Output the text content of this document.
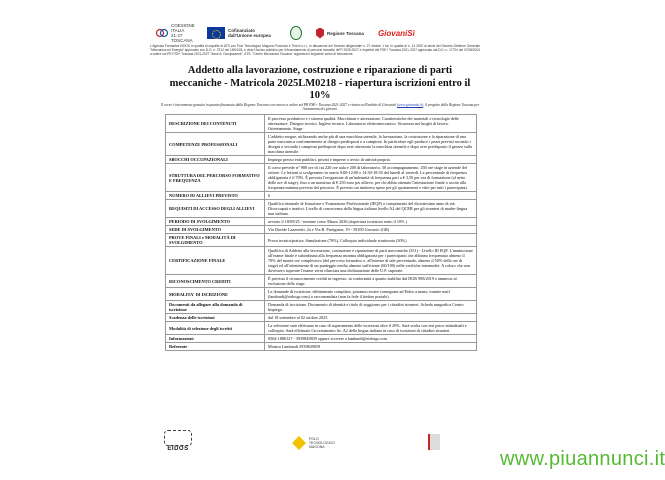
COESIONE ITALIA 21·27 TOSCANA
Cofinanziato dall'Unione europea	Regione Toscana GiovaniSì

L'Agenzia Formativa EIDOS in qualità di capofila di ATS con Polo Tecnologico Magona Provincia e Tirreni s.r.l., in attuazione del Decreto dirigenziale n. 27 ottobre 1 for, in qualità di n. 13 2022 ai sensi del Decreto Direttore Generale "Meccanica ed Energia" approvato con D.D. n. 7912 del 18/04/24, e visto l'Avviso pubblico per il finanziamento di percorsi formativi IeFP 2025-2027 e rispettivi del FSE+ Toscana 2021-2027 approvato dal D.D. n. 17724 del 07/08/2024 a valere sul PR FSE+ Toscana 2021-2027 "Asse A: Occupazione", ATS: "Centro Meccanica Toscana" organizza il seguente corso di formazione.

Addetto alla lavorazione, costruzione e riparazione di parti meccaniche - Matricola 2025LM0218 - riapertura iscrizioni entro il 10%

Il corso è interamente gratuito in quanto finanziato dalla Regione Toscana con risorse a valere sul PR FSE+ Toscana 2021-2027 e rientra nell'ambito di Giovanisì (www.giovanisi.it), il progetto della Regione Toscana per l'autonomia dei giovani.

DESCRIZIONE DEI CONTENUTI	Il processo produttivo e i sistemi qualità. Macchinari e attrezzature. Caratteristiche dei materiali e tecnologie delle attrezzature. Disegno tecnico. Inglese tecnico. Laboratorio elettromeccanico. Sicurezza nei luoghi di lavoro. Orientamento. Stage.
COMPETENZE PROFESSIONALI	L'addetto esegue, utilizzando anche più di una macchina utensile, la lavorazione, la costruzione e la riparazione di una parte meccanica conformemente ai disegni predisposti o a campioni. In particolare egli produce i pezzi previsti secondo i disegni o secondo i campioni predisposti dopo aver attrezzato la macchina utensile e dopo aver predisposto il grezzo sulla macchina utensile.
SBOCCHI OCCUPAZIONALI	Impiego presso enti pubblici, privati e imprese o avvio di attività propria.
STRUTTURA DEL PERCORSO FORMATIVO E FREQUENZA	Il corso prevede n° 900 ore di cui 220 ore aula e 200 di laboratorio, 30 accompagnamento, 450 ore stage in aziende del settore. Le lezioni si svolgeranno in orario 9:00-12:00 e 14:30-18:30 dal lunedì al venerdì. La percentuale di frequenza obbligatoria è il 70%. È prevista l'erogazione di un'indennità di frequenza pari a € 3,50 per ora di formazione (al netto delle ore di stage), fino a un massimo di € 250 euro per allievo, per chi abbia ottenuto l'attestazione finale o uscito alla frequenza minima prevista dal percorso. È previsto un rimborso spese per gli spostamenti e vitto per tutti i partecipanti.
NUMERO DI ALLIEVI PREVISTO	6
REQUISITI DI ACCESSO DEGLI ALLIEVI	Qualifica triennale di Istruzione e Formazione Professionale (IEQF) o compimento del diciottesimo anno di età. Disoccupati e inattivi. Livello di conoscenza della lingua italiana livello A2 del QCER per gli stranieri di madre-lingua non italiana.
PERIODO DI SVOLGIMENTO	avviato il 18/09/25 - termine corso Marzo 2026 (riapertura iscrizioni entro il 10% )
SEDE DI SVOLGIMENTO	Via Davide Lazzeretti, 2a e Via B. Partigiane, 19 - 58100 Grosseto (GR)
PROVE FINALI e MODALITÀ DI SVOLGIMENTO	Prova tecnico/pratica. Simulazione (70%), Colloquio individuale strutturato (30%)
CERTIFICAZIONE FINALE	Qualifica di Addetto alla lavorazione, costruzione e riparazione di parti meccaniche (351) - Livello III EQF. L'ammissione all'esame finale è subordinata alla frequenza minima obbligatoria per i partecipanti che abbiano frequentato almeno il 70% del monte ore complessivo (del percorso formativo e, all'interno di tale percentuale, almeno il 50% delle ore di stage) ed all'ottenimento di un punteggio medio almeno sufficiente (60/100) nelle verifiche intermedie. A coloro che non dovessero superare l'esame verrà rilasciata una dichiarazione delle U.F. superate.
RICONOSCIMENTO CREDITI	È previsto il riconoscimento crediti in ingresso, in conformità a quanto stabilito dal DGR 988/2019 e ammessi al esclusione dello stage.
MODALITA' DI ISCRIZIONE	Le domande di iscrizione, debitamente compilate, potranno essere consegnate ad Eidos a mano, tramite mail (lambardi@eidosgr.com) o raccomandata (non fa fede il timbro postale).
Documenti da allegare alla domanda di iscrizione	Domanda di iscrizione. Documento di identità e titolo di soggiorno per i cittadini stranieri. Scheda anagrafica Centro Impiego.
Scadenza delle iscrizioni	dal 18 settembre al 02 ottobre 2025.
Modalità di selezione degli iscritti	La selezione sarà effettuata in caso di superamento delle iscrizioni oltre il 20%. Sarà svolta con test psico-attitudinali e colloquio. Sarà effettuato l'accertamento liv. A2 della lingua italiana in caso di iscrizioni di cittadini stranieri.
Informazioni	0564-1886127 - 3939849839 oppure scrivere a lambardi@eidosgr.com
Referente	Monica Lambardi 3939849839
EIDOS
POLO TECNOLOGICO MAGONA
www.piuannunci.it
